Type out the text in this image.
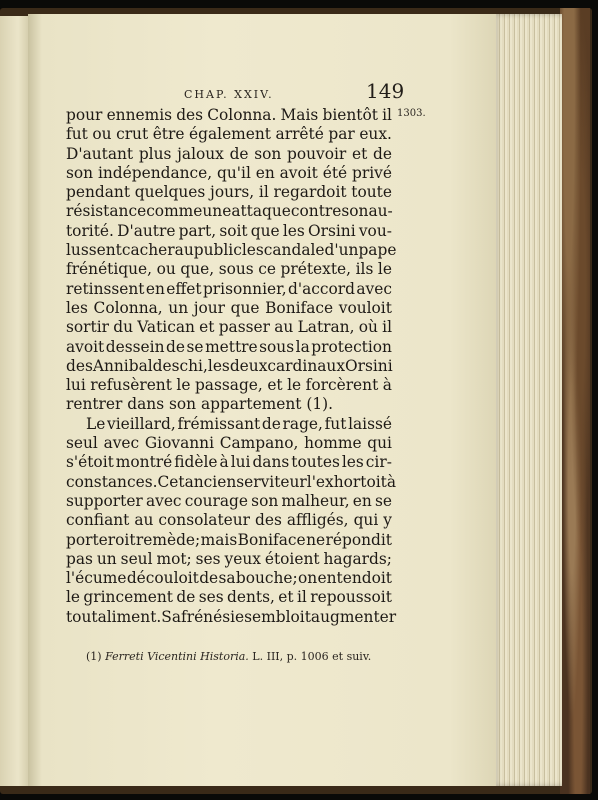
CHAP. XXIV.	149
1303.
pour ennemis des Colonna. Mais bientôt il
fut ou crut être également arrêté par eux.
D'autant plus jaloux de son pouvoir et de
son indépendance, qu'il en avoit été privé
pendant quelques jours, il regardoit toute
résistance comme une attaque contre son au-
torité. D'autre part, soit que les Orsini vou-
lussent cacher au public le scandale d'un pape
frénétique, ou que, sous ce prétexte, ils le
retinssent en effet prisonnier, d'accord avec
les Colonna, un jour que Boniface vouloit
sortir du Vatican et passer au Latran, où il
avoit dessein de se mettre sous la protection
des Annibaldeschi, les deux cardinaux Orsini
lui refusèrent le passage, et le forcèrent à
rentrer dans son appartement (1).
Le vieillard, frémissant de rage, fut laissé
seul avec Giovanni Campano, homme qui
s'étoit montré fidèle à lui dans toutes les cir-
constances. Cet ancien serviteur l'exhortoit à
supporter avec courage son malheur, en se
confiant au consolateur des affligés, qui y
porteroit remède; mais Boniface ne répondit
pas un seul mot; ses yeux étoient hagards;
l'écume découloit de sa bouche; on entendoit
le grincement de ses dents, et il repoussoit
tout aliment. Sa frénésie sembloit augmenter
(1) Ferreti Vicentini Historia. L. III, p. 1006 et suiv.
